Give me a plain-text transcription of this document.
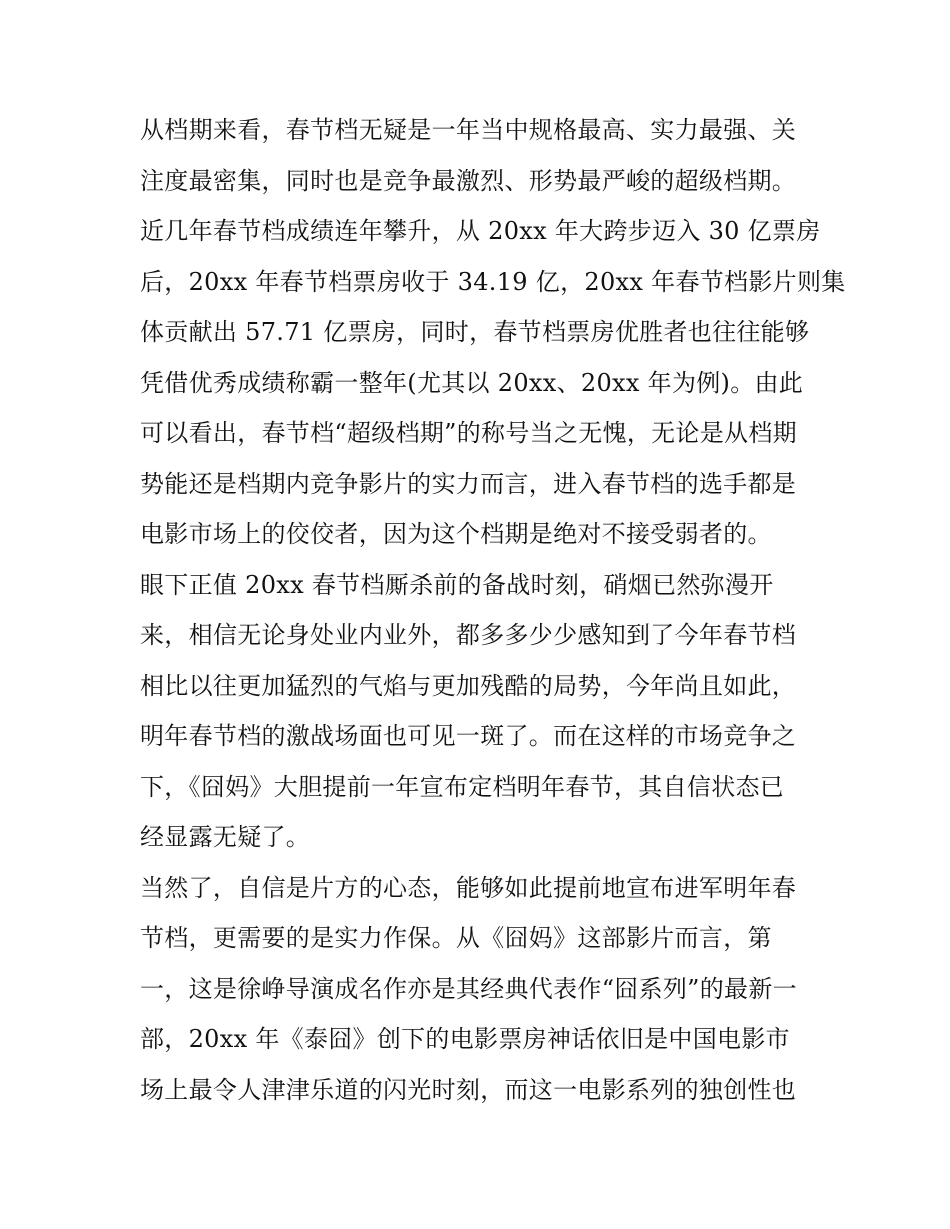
从档期来看，春节档无疑是一年当中规格最高、实力最强、关
注度最密集，同时也是竞争最激烈、形势最严峻的超级档期。
近几年春节档成绩连年攀升，从 20xx 年大跨步迈入 30 亿票房
后，20xx 年春节档票房收于 34.19 亿，20xx 年春节档影片则集
体贡献出 57.71 亿票房，同时，春节档票房优胜者也往往能够
凭借优秀成绩称霸一整年(尤其以 20xx、20xx 年为例)。由此
可以看出，春节档“超级档期”的称号当之无愧，无论是从档期
势能还是档期内竞争影片的实力而言，进入春节档的选手都是
电影市场上的佼佼者，因为这个档期是绝对不接受弱者的。
眼下正值 20xx 春节档厮杀前的备战时刻，硝烟已然弥漫开
来，相信无论身处业内业外，都多多少少感知到了今年春节档
相比以往更加猛烈的气焰与更加残酷的局势，今年尚且如此，
明年春节档的激战场面也可见一斑了。而在这样的市场竞争之
下，《囧妈》大胆提前一年宣布定档明年春节，其自信状态已
经显露无疑了。
当然了，自信是片方的心态，能够如此提前地宣布进军明年春
节档，更需要的是实力作保。从《囧妈》这部影片而言，第
一，这是徐峥导演成名作亦是其经典代表作“囧系列”的最新一
部，20xx 年《泰囧》创下的电影票房神话依旧是中国电影市
场上最令人津津乐道的闪光时刻，而这一电影系列的独创性也
